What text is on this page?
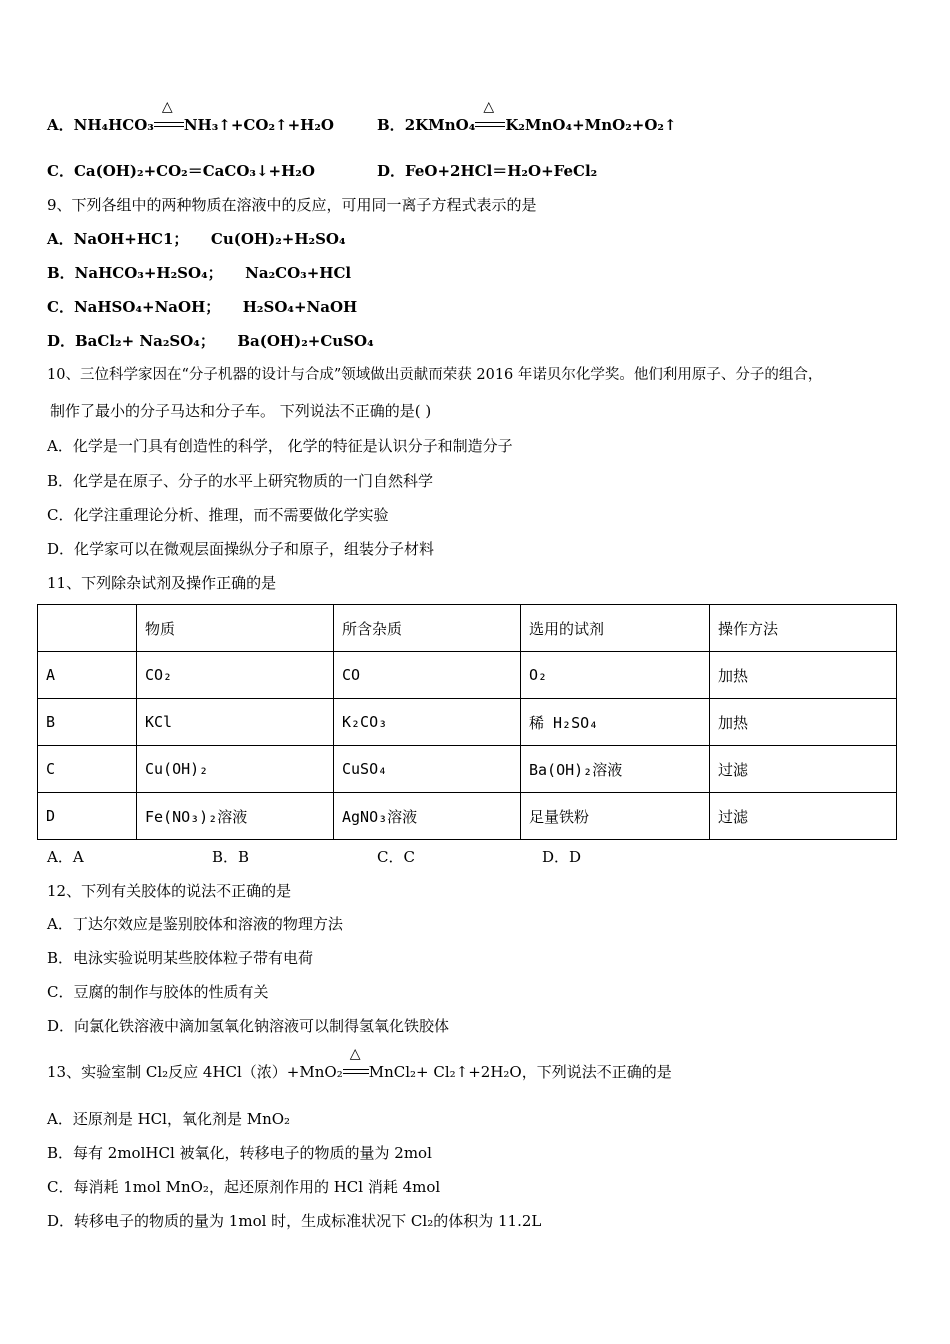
A．NH₄HCO₃
△
NH₃↑+CO₂↑+H₂O	B．2KMnO₄
△
K₂MnO₄+MnO₂+O₂↑
C．Ca(OH)₂+CO₂＝CaCO₃↓+H₂O	D．FeO+2HCl＝H₂O+FeCl₂
9、下列各组中的两种物质在溶液中的反应，可用同一离子方程式表示的是
A．NaOH+HC1；　　Cu(OH)₂+H₂SO₄
B．NaHCO₃+H₂SO₄；　　Na₂CO₃+HCl
C．NaHSO₄+NaOH；　　H₂SO₄+NaOH
D．BaCl₂+ Na₂SO₄；　　Ba(OH)₂+CuSO₄
10、三位科学家因在“分子机器的设计与合成”领域做出贡献而荣获 2016 年诺贝尔化学奖。他们利用原子、分子的组合，
制作了最小的分子马达和分子车。 下列说法不正确的是( )
A．化学是一门具有创造性的科学， 化学的特征是认识分子和制造分子
B．化学是在原子、分子的水平上研究物质的一门自然科学
C．化学注重理论分析、推理，而不需要做化学实验
D．化学家可以在微观层面操纵分子和原子，组装分子材料
11、下列除杂试剂及操作正确的是
	物质	所含杂质	选用的试剂	操作方法
A	CO₂	CO	O₂	加热
B	KCl	K₂CO₃	稀 H₂SO₄	加热
C	Cu(OH)₂	CuSO₄	Ba(OH)₂溶液	过滤
D	Fe(NO₃)₂溶液	AgNO₃溶液	足量铁粉	过滤
A．A	B．B	C．C	D．D
12、下列有关胶体的说法不正确的是
A．丁达尔效应是鉴别胶体和溶液的物理方法
B．电泳实验说明某些胶体粒子带有电荷
C．豆腐的制作与胶体的性质有关
D．向氯化铁溶液中滴加氢氧化钠溶液可以制得氢氧化铁胶体
13、实验室制 Cl₂反应 4HCl（浓）+MnO₂
△
MnCl₂+ Cl₂↑+2H₂O，下列说法不正确的是
A．还原剂是 HCl，氧化剂是 MnO₂
B．每有 2molHCl 被氧化，转移电子的物质的量为 2mol
C．每消耗 1mol MnO₂，起还原剂作用的 HCl 消耗 4mol
D．转移电子的物质的量为 1mol 时，生成标准状况下 Cl₂的体积为 11.2L
